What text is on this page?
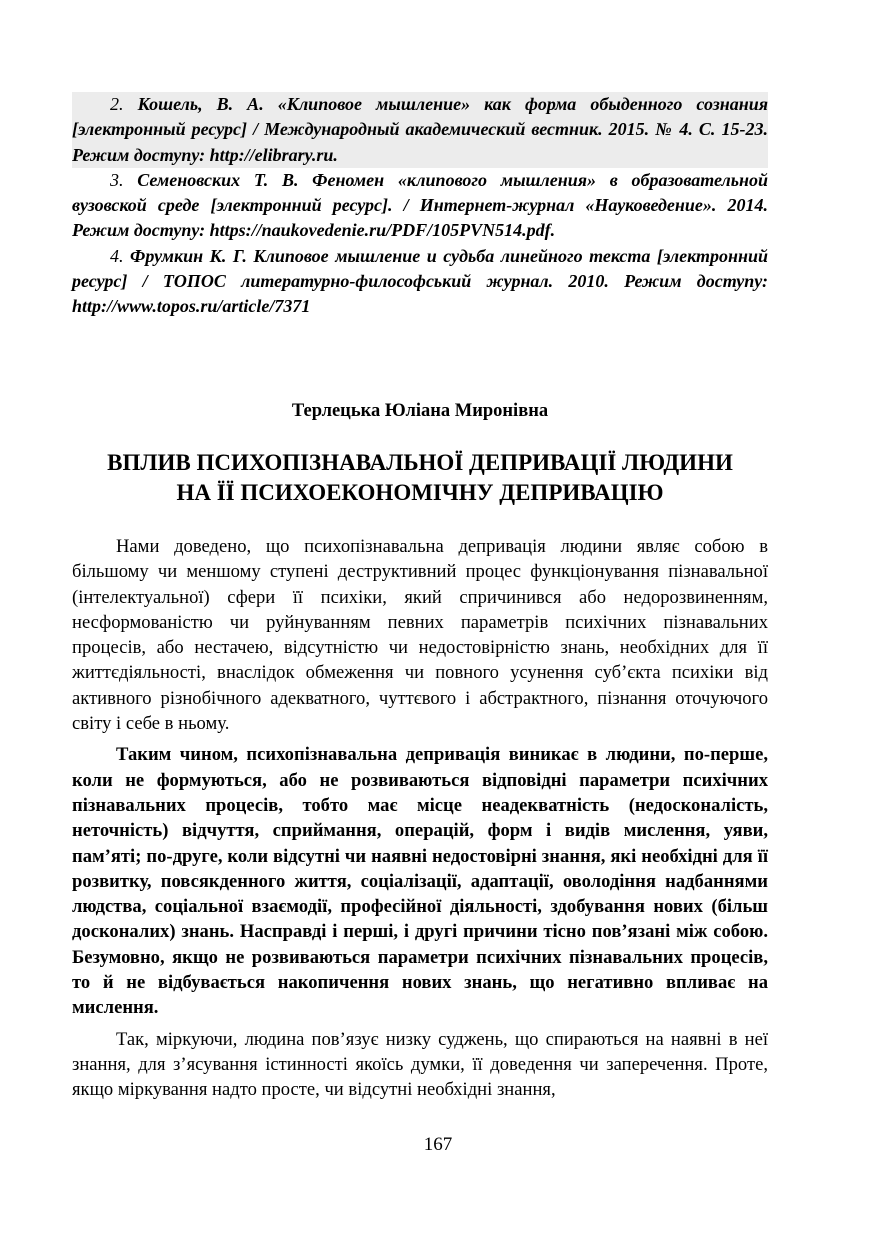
2. Кошель, В. А. «Клиповое мышление» как форма обыденного сознания [электронный ресурс] / Международный академический вестник. 2015. № 4. С. 15-23. Режим доступу: http://elibrary.ru.

3. Семеновских Т. В. Феномен «клипового мышления» в образовательной вузовской среде [электронний ресурс]. / Интернет-журнал «Науковедение». 2014. Режим доступу: https://naukovedenie.ru/PDF/105PVN514.pdf.

4. Фрумкин К. Г. Клиповое мышление и судьба линейного текста [электронний ресурс] / ТОПОС литературно-философський журнал. 2010. Режим доступу: http://www.topos.ru/article/7371

Терлецька Юліана Миронівна
ВПЛИВ ПСИХОПІЗНАВАЛЬНОЇ ДЕПРИВАЦІЇ ЛЮДИНИ
НА ЇЇ ПСИХОЕКОНОМІЧНУ ДЕПРИВАЦІЮ

Нами доведено, що психопізнавальна депривація людини являє собою в більшому чи меншому ступені деструктивний процес функціонування пізнавальної (інтелектуальної) сфери її психіки, який спричинився або недорозвиненням, несформованістю чи руйнуванням певних параметрів психічних пізнавальних процесів, або нестачею, відсутністю чи недостовірністю знань, необхідних для її життєдіяльності, внаслідок обмеження чи повного усунення суб’єкта психіки від активного різнобічного адекватного, чуттєвого і абстрактного, пізнання оточуючого світу і себе в ньому.

Таким чином, психопізнавальна депривація виникає в людини, по-перше, коли не формуються, або не розвиваються відповідні параметри психічних пізнавальних процесів, тобто має місце неадекватність (недосконалість, неточність) відчуття, сприймання, операцій, форм і видів мислення, уяви, пам’яті; по-друге, коли відсутні чи наявні недостовірні знання, які необхідні для її розвитку, повсякденного життя, соціалізації, адаптації, оволодіння надбаннями людства, соціальної взаємодії, професійної діяльності, здобування нових (більш досконалих) знань. Насправді і перші, і другі причини тісно пов’язані між собою. Безумовно, якщо не розвиваються параметри психічних пізнавальних процесів, то й не відбувається накопичення нових знань, що негативно впливає на мислення.

Так, міркуючи, людина пов’язує низку суджень, що спираються на наявні в неї знання, для з’ясування істинності якоїсь думки, її доведення чи заперечення. Проте, якщо міркування надто просте, чи відсутні необхідні знання,

167
